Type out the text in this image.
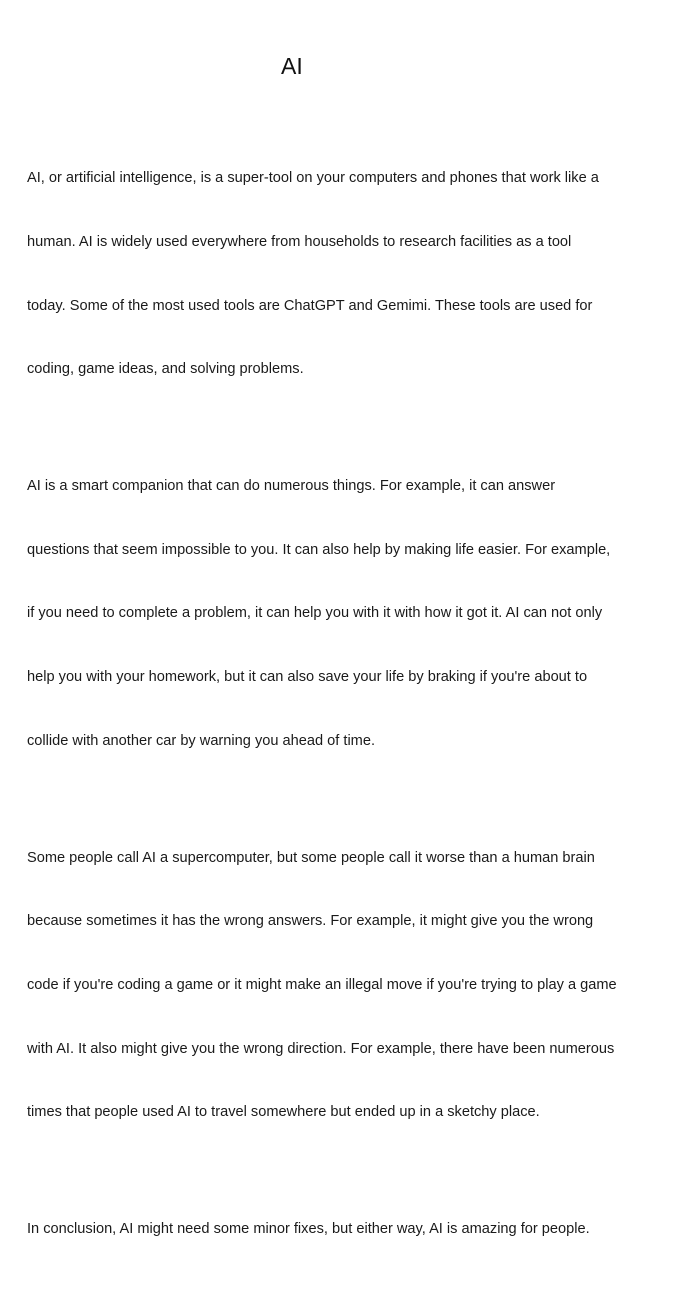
AI

AI, or artificial intelligence, is a super-tool on your computers and phones that work like a

human. AI is widely used everywhere from households to research facilities as a tool

today. Some of the most used tools are ChatGPT and Gemimi. These tools are used for

coding, game ideas, and solving problems.

AI is a smart companion that can do numerous things. For example, it can answer

questions that seem impossible to you. It can also help by making life easier. For example,

if you need to complete a problem, it can help you with it with how it got it. AI can not only

help you with your homework, but it can also save your life by braking if you're about to

collide with another car by warning you ahead of time.

Some people call AI a supercomputer, but some people call it worse than a human brain

because sometimes it has the wrong answers. For example, it might give you the wrong

code if you're coding a game or it might make an illegal move if you're trying to play a game

with AI. It also might give you the wrong direction. For example, there have been numerous

times that people used AI to travel somewhere but ended up in a sketchy place.

In conclusion, AI might need some minor fixes, but either way, AI is amazing for people.
